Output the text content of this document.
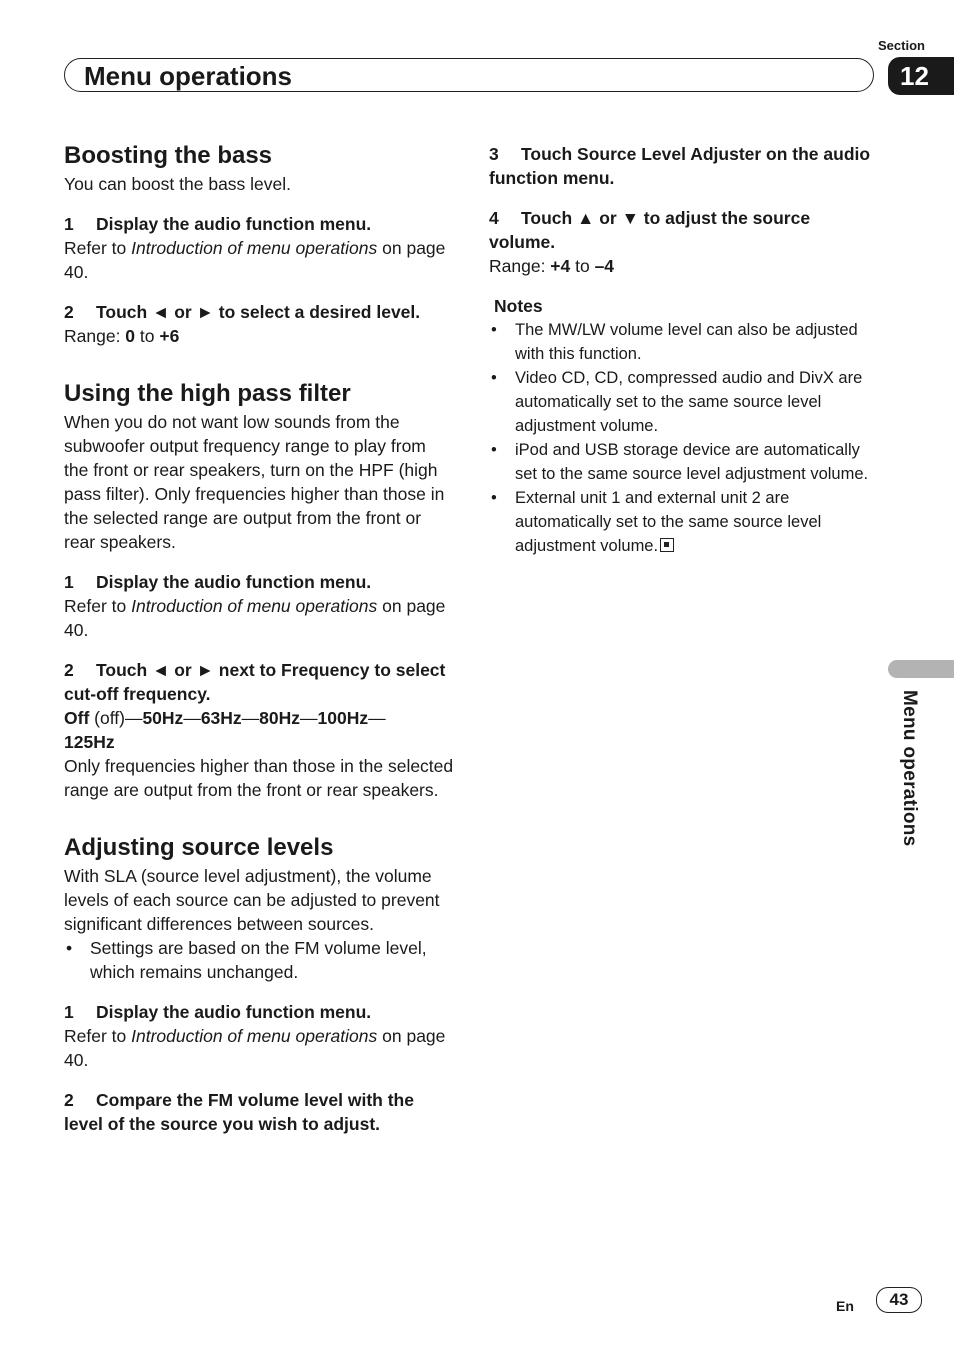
Section
Menu operations	12
Menu operations
Boosting the bass

You can boost the bass level.

1 Display the audio function menu.

Refer to Introduction of menu operations on page 40.

2 Touch ◄ or ► to select a desired level.

Range: 0 to +6

Using the high pass filter

When you do not want low sounds from the subwoofer output frequency range to play from the front or rear speakers, turn on the HPF (high pass filter). Only frequencies higher than those in the selected range are output from the front or rear speakers.

1 Display the audio function menu.

Refer to Introduction of menu operations on page 40.

2 Touch ◄ or ► next to Frequency to select cut-off frequency.

Off (off)—50Hz—63Hz—80Hz—100Hz—
125Hz

Only frequencies higher than those in the selected range are output from the front or rear speakers.

Adjusting source levels

With SLA (source level adjustment), the volume levels of each source can be adjusted to prevent significant differences between sources.

• Settings are based on the FM volume level, which remains unchanged.

1 Display the audio function menu.

Refer to Introduction of menu operations on page 40.

2 Compare the FM volume level with the level of the source you wish to adjust.

3 Touch Source Level Adjuster on the audio function menu.

4 Touch ▲ or ▼ to adjust the source volume.

Range: +4 to –4

Notes

• The MW/LW volume level can also be adjusted with this function.
• Video CD, CD, compressed audio and DivX are automatically set to the same source level adjustment volume.
• iPod and USB storage device are automatically set to the same source level adjustment volume.
• External unit 1 and external unit 2 are automatically set to the same source level adjustment volume.
En	43
